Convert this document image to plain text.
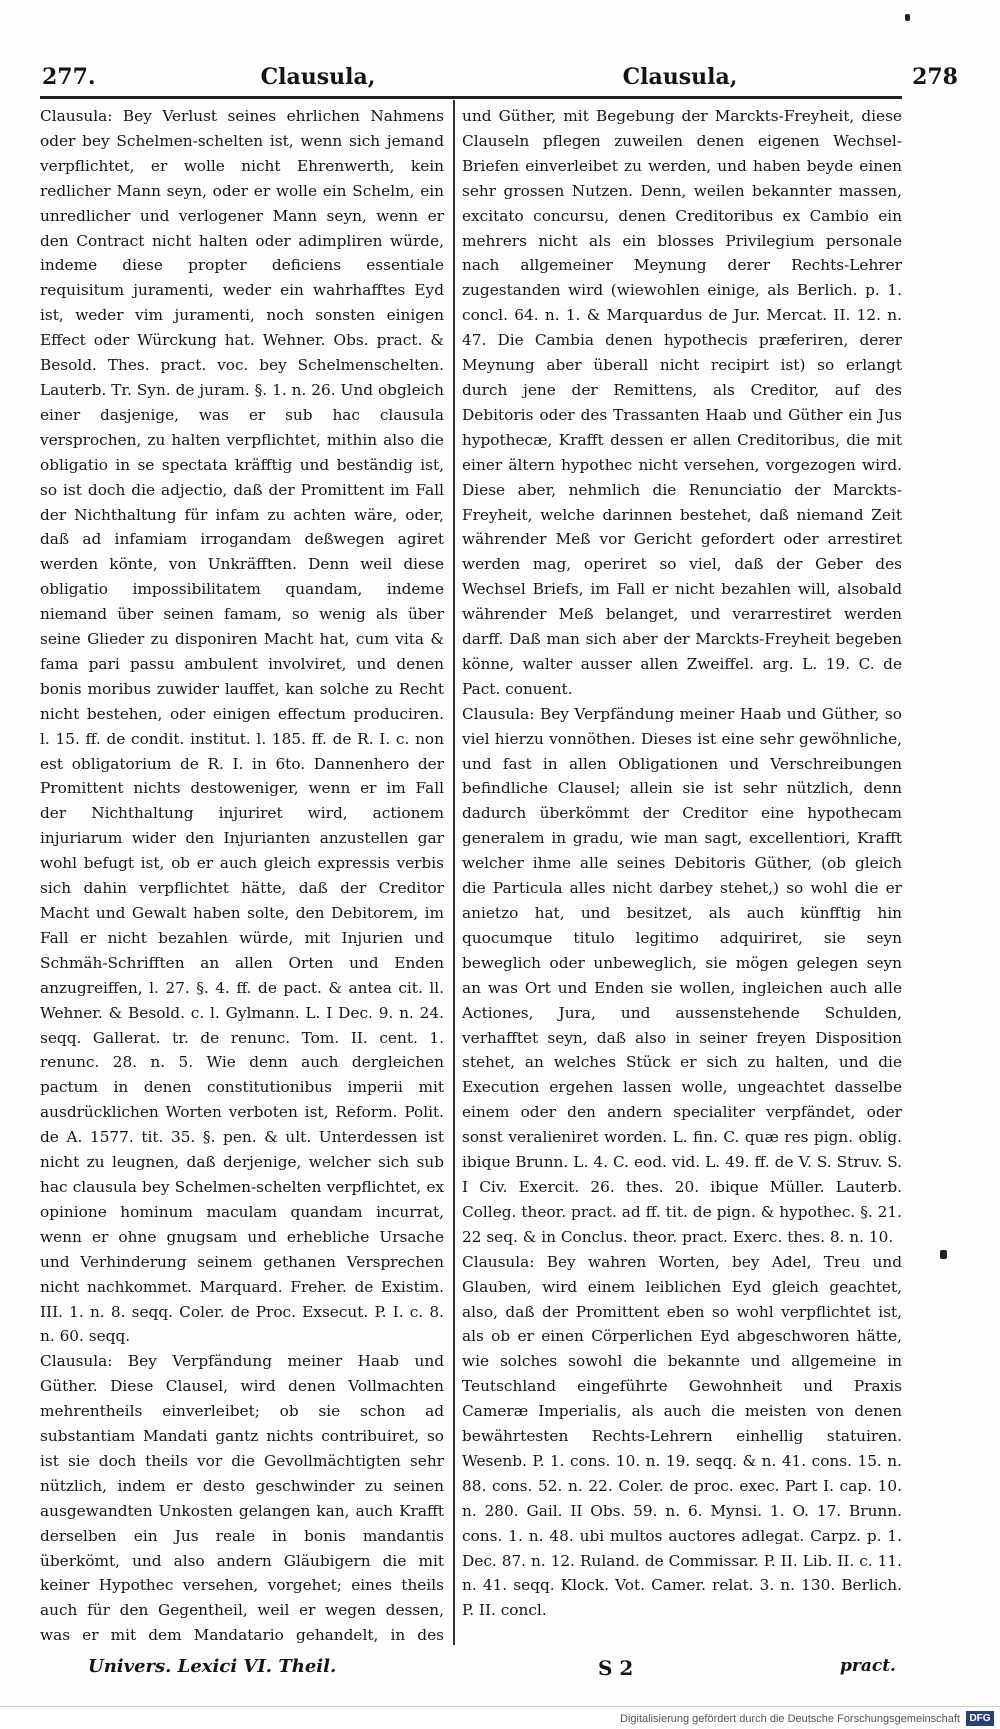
277.	Clausula,	Clausula,	278

Clausula: Bey Verlust seines ehrlichen Nahmens oder bey Schelmen-schelten ist, wenn sich jemand verpflichtet, er wolle nicht Ehrenwerth, kein redlicher Mann seyn, oder er wolle ein Schelm, ein unredlicher und verlogener Mann seyn, wenn er den Contract nicht halten oder adimpliren würde, indeme diese propter deficiens essentiale requisitum juramenti, weder ein wahrhafftes Eyd ist, weder vim juramenti, noch sonsten einigen Effect oder Würckung hat. Wehner. Obs. pract. & Besold. Thes. pract. voc. bey Schelmenschelten. Lauterb. Tr. Syn. de juram. §. 1. n. 26. Und obgleich einer dasjenige, was er sub hac clausula versprochen, zu halten verpflichtet, mithin also die obligatio in se spectata kräfftig und beständig ist, so ist doch die adjectio, daß der Promittent im Fall der Nichthaltung für infam zu achten wäre, oder, daß ad infamiam irrogandam deßwegen agiret werden könte, von Unkräfften. Denn weil diese obligatio impossibilitatem quandam, indeme niemand über seinen famam, so wenig als über seine Glieder zu disponiren Macht hat, cum vita & fama pari passu ambulent involviret, und denen bonis moribus zuwider lauffet, kan solche zu Recht nicht bestehen, oder einigen effectum produciren. l. 15. ff. de condit. institut. l. 185. ff. de R. I. c. non est obligatorium de R. I. in 6to. Dannenhero der Promittent nichts destoweniger, wenn er im Fall der Nichthaltung injuriret wird, actionem injuriarum wider den Injurianten anzustellen gar wohl befugt ist, ob er auch gleich expressis verbis sich dahin verpflichtet hätte, daß der Creditor Macht und Gewalt haben solte, den Debitorem, im Fall er nicht bezahlen würde, mit Injurien und Schmäh-Schrifften an allen Orten und Enden anzugreiffen, l. 27. §. 4. ff. de pact. & antea cit. ll. Wehner. & Besold. c. l. Gylmann. L. I Dec. 9. n. 24. seqq. Gallerat. tr. de renunc. Tom. II. cent. 1. renunc. 28. n. 5. Wie denn auch dergleichen pactum in denen constitutionibus imperii mit ausdrücklichen Worten verboten ist, Reform. Polit. de A. 1577. tit. 35. §. pen. & ult. Unterdessen ist nicht zu leugnen, daß derjenige, welcher sich sub hac clausula bey Schelmen-schelten verpflichtet, ex opinione hominum maculam quandam incurrat, wenn er ohne gnugsam und erhebliche Ursache und Verhinderung seinem gethanen Versprechen nicht nachkommet. Marquard. Freher. de Existim. III. 1. n. 8. seqq. Coler. de Proc. Exsecut. P. I. c. 8. n. 60. seqq.

Clausula: Bey Verpfändung meiner Haab und Güther. Diese Clausel, wird denen Vollmachten mehrentheils einverleibet; ob sie schon ad substantiam Mandati gantz nichts contribuiret, so ist sie doch theils vor die Gevollmächtigten sehr nützlich, indem er desto geschwinder zu seinen ausgewandten Unkosten gelangen kan, auch Krafft derselben ein Jus reale in bonis mandantis überkömt, und also andern Gläubigern die mit keiner Hypothec versehen, vorgehet; eines theils auch für den Gegentheil, weil er wegen dessen, was er mit dem Mandatario gehandelt, in des

und Güther, mit Begebung der Marckts-Freyheit, diese Clauseln pflegen zuweilen denen eigenen Wechsel-Briefen einverleibet zu werden, und haben beyde einen sehr grossen Nutzen. Denn, weilen bekannter massen, excitato concursu, denen Creditoribus ex Cambio ein mehrers nicht als ein blosses Privilegium personale nach allgemeiner Meynung derer Rechts-Lehrer zugestanden wird (wiewohlen einige, als Berlich. p. 1. concl. 64. n. 1. & Marquardus de Jur. Mercat. II. 12. n. 47. Die Cambia denen hypothecis præferiren, derer Meynung aber überall nicht recipirt ist) so erlangt durch jene der Remittens, als Creditor, auf des Debitoris oder des Trassanten Haab und Güther ein Jus hypothecæ, Krafft dessen er allen Creditoribus, die mit einer ältern hypothec nicht versehen, vorgezogen wird. Diese aber, nehmlich die Renunciatio der Marckts-Freyheit, welche darinnen bestehet, daß niemand Zeit währender Meß vor Gericht gefordert oder arrestiret werden mag, operiret so viel, daß der Geber des Wechsel Briefs, im Fall er nicht bezahlen will, alsobald währender Meß belanget, und verarrestiret werden darff. Daß man sich aber der Marckts-Freyheit begeben könne, walter ausser allen Zweiffel. arg. L. 19. C. de Pact. conuent.

Clausula: Bey Verpfändung meiner Haab und Güther, so viel hierzu vonnöthen. Dieses ist eine sehr gewöhnliche, und fast in allen Obligationen und Verschreibungen befindliche Clausel; allein sie ist sehr nützlich, denn dadurch überkömmt der Creditor eine hypothecam generalem in gradu, wie man sagt, excellentiori, Krafft welcher ihme alle seines Debitoris Güther, (ob gleich die Particula alles nicht darbey stehet,) so wohl die er anietzo hat, und besitzet, als auch künfftig hin quocumque titulo legitimo adquiriret, sie seyn beweglich oder unbeweglich, sie mögen gelegen seyn an was Ort und Enden sie wollen, ingleichen auch alle Actiones, Jura, und aussenstehende Schulden, verhafftet seyn, daß also in seiner freyen Disposition stehet, an welches Stück er sich zu halten, und die Execution ergehen lassen wolle, ungeachtet dasselbe einem oder den andern specialiter verpfändet, oder sonst veralieniret worden. L. fin. C. quæ res pign. oblig. ibique Brunn. L. 4. C. eod. vid. L. 49. ff. de V. S. Struv. S. I Civ. Exercit. 26. thes. 20. ibique Müller. Lauterb. Colleg. theor. pract. ad ff. tit. de pign. & hypothec. §. 21. 22 seq. & in Conclus. theor. pract. Exerc. thes. 8. n. 10.

Clausula: Bey wahren Worten, bey Adel, Treu und Glauben, wird einem leiblichen Eyd gleich geachtet, also, daß der Promittent eben so wohl verpflichtet ist, als ob er einen Cörperlichen Eyd abgeschworen hätte, wie solches sowohl die bekannte und allgemeine in Teutschland eingeführte Gewohnheit und Praxis Cameræ Imperialis, als auch die meisten von denen bewährtesten Rechts-Lehrern einhellig statuiren. Wesenb. P. 1. cons. 10. n. 19. seqq. & n. 41. cons. 15. n. 88. cons. 52. n. 22. Coler. de proc. exec. Part I. cap. 10. n. 280. Gail. II Obs. 59. n. 6. Mynsi. 1. O. 17. Brunn. cons. 1. n. 48. ubi multos auctores adlegat. Carpz. p. 1. Dec. 87. n. 12. Ruland. de Commissar. P. II. Lib. II. c. 11. n. 41. seqq. Klock. Vot. Camer. relat. 3. n. 130. Berlich. P. II. concl.

Univers. Lexici VI. Theil.	S 2	pract.
Digitalisierung gefördert durch die Deutsche Forschungsgemeinschaft DFG
